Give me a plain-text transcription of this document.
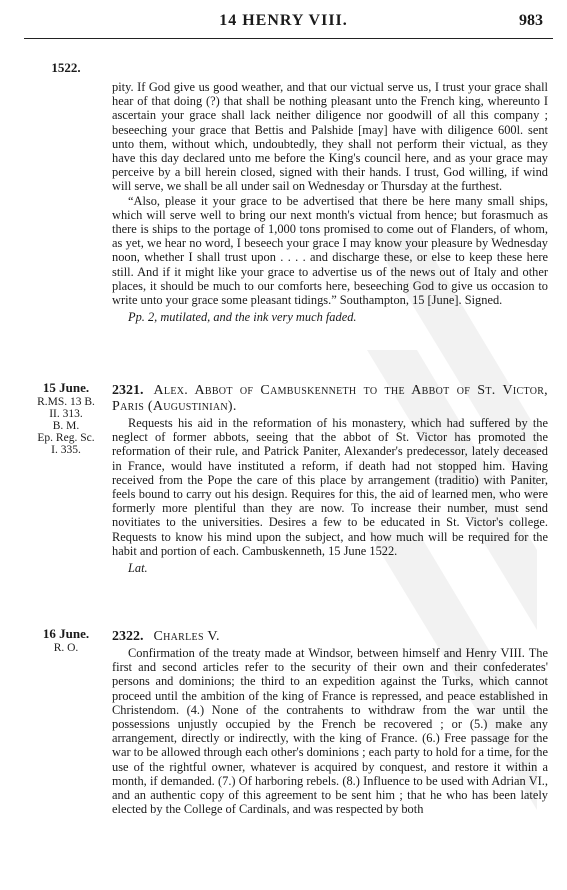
14 HENRY VIII.	983
1522.

pity. If God give us good weather, and that our victual serve us, I trust your grace shall hear of that doing (?) that shall be nothing pleasant unto the French king, whereunto I ascertain your grace shall lack neither diligence nor goodwill of all this company ; beseeching your grace that Bettis and Palshide [may] have with diligence 600l. sent unto them, without which, undoubtedly, they shall not perform their victual, as they have this day declared unto me before the King's council here, and as your grace may perceive by a bill herein closed, signed with their hands. I trust, God willing, if wind will serve, we shall be all under sail on Wednesday or Thursday at the furthest.

“Also, please it your grace to be advertised that there be here many small ships, which will serve well to bring our next month's victual from hence; but forasmuch as there is ships to the portage of 1,000 tons promised to come out of Flanders, of whom, as yet, we hear no word, I beseech your grace I may know your pleasure by Wednesday noon, whether I shall trust upon . . . . and discharge these, or else to keep these here still. And if it might like your grace to advertise us of the news out of Italy and other places, it should be much to our comforts here, beseeching God to give us occasion to write unto your grace some pleasant tidings.” Southampton, 15 [June]. Signed.

Pp. 2, mutilated, and the ink very much faded.

15 June.
R.MS. 13 B.
II. 313.
B. M.
Ep. Reg. Sc.
I. 335.
2321. Alex. Abbot of Cambuskenneth to the Abbot of St. Victor, Paris (Augustinian).

Requests his aid in the reformation of his monastery, which had suffered by the neglect of former abbots, seeing that the abbot of St. Victor has promoted the reformation of their rule, and Patrick Paniter, Alexander's predecessor, lately deceased in France, would have instituted a reform, if death had not stopped him. Having received from the Pope the care of this place by arrangement (traditio) with Paniter, feels bound to carry out his design. Requires for this, the aid of learned men, who were formerly more plentiful than they are now. To increase their number, must send novitiates to the universities. Desires a few to be educated in St. Victor's college. Requests to know his mind upon the subject, and how much will be required for the habit and portion of each. Cambuskenneth, 15 June 1522.

Lat.

16 June.
R. O.
2322. Charles V.

Confirmation of the treaty made at Windsor, between himself and Henry VIII. The first and second articles refer to the security of their own and their confederates' persons and dominions; the third to an expedition against the Turks, which cannot proceed until the ambition of the king of France is repressed, and peace established in Christendom. (4.) None of the contrahents to withdraw from the war until the possessions unjustly occupied by the French be recovered ; or (5.) make any arrangement, directly or indirectly, with the king of France. (6.) Free passage for the war to be allowed through each other's dominions ; each party to hold for a time, for the use of the rightful owner, whatever is acquired by conquest, and restore it within a month, if demanded. (7.) Of harboring rebels. (8.) Influence to be used with Adrian VI., and an authentic copy of this agreement to be sent him ; that he who has been lately elected by the College of Cardinals, and was respected by both
